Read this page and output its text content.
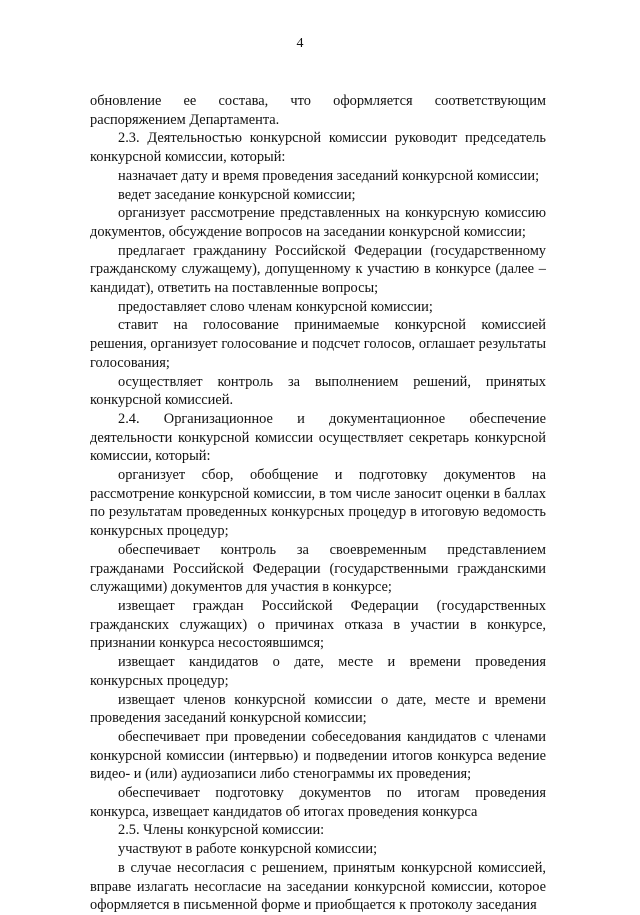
4

обновление ее состава, что оформляется соответствующим распоряжением Департамента.

2.3. Деятельностью конкурсной комиссии руководит председатель конкурсной комиссии, который:

назначает дату и время проведения заседаний конкурсной комиссии;

ведет заседание конкурсной комиссии;

организует рассмотрение представленных на конкурсную комиссию документов, обсуждение вопросов на заседании конкурсной комиссии;

предлагает гражданину Российской Федерации (государственному гражданскому служащему), допущенному к участию в конкурсе (далее – кандидат), ответить на поставленные вопросы;

предоставляет слово членам конкурсной комиссии;

ставит на голосование принимаемые конкурсной комиссией решения, организует голосование и подсчет голосов, оглашает результаты голосования;

осуществляет контроль за выполнением решений, принятых конкурсной комиссией.

2.4. Организационное и документационное обеспечение деятельности конкурсной комиссии осуществляет секретарь конкурсной комиссии, который:

организует сбор, обобщение и подготовку документов на рассмотрение конкурсной комиссии, в том числе заносит оценки в баллах по результатам проведенных конкурсных процедур в итоговую ведомость конкурсных процедур;

обеспечивает контроль за своевременным представлением гражданами Российской Федерации (государственными гражданскими служащими) документов для участия в конкурсе;

извещает граждан Российской Федерации (государственных гражданских служащих) о причинах отказа в участии в конкурсе, признании конкурса несостоявшимся;

извещает кандидатов о дате, месте и времени проведения конкурсных процедур;

извещает членов конкурсной комиссии о дате, месте и времени проведения заседаний конкурсной комиссии;

обеспечивает при проведении собеседования кандидатов с членами конкурсной комиссии (интервью) и подведении итогов конкурса ведение видео- и (или) аудиозаписи либо стенограммы их проведения;

обеспечивает подготовку документов по итогам проведения конкурса, извещает кандидатов об итогах проведения конкурса

2.5. Члены конкурсной комиссии:

участвуют в работе конкурсной комиссии;

в случае несогласия с решением, принятым конкурсной комиссией, вправе излагать несогласие на заседании конкурсной комиссии, которое оформляется в письменной форме и приобщается к протоколу заседания
